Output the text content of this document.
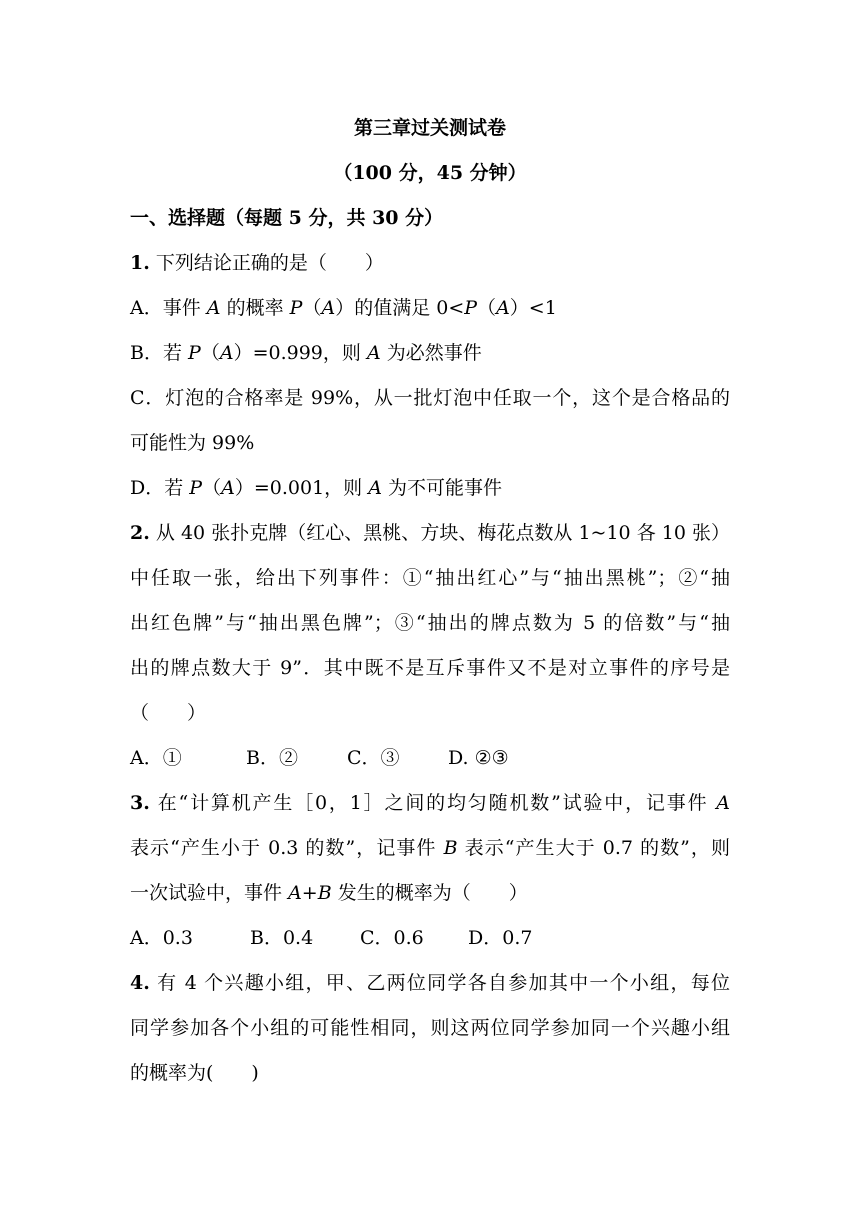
第三章过关测试卷
（100 分，45 分钟）
一、选择题（每题 5 分，共 30 分）
1. 下列结论正确的是（　　）
A．事件 A 的概率 P（A）的值满足 0<P（A）<1
B．若 P（A）=0.999，则 A 为必然事件
C．灯泡的合格率是 99%，从一批灯泡中任取一个，这个是合格品的
可能性为 99%
D．若 P（A）=0.001，则 A 为不可能事件
2. 从 40 张扑克牌（红心、黑桃、方块、梅花点数从 1~10 各 10 张）
中任取一张，给出下列事件：①“抽出红心”与“抽出黑桃”；②“抽
出红色牌”与“抽出黑色牌”；③“抽出的牌点数为 5 的倍数”与“抽
出的牌点数大于 9”．其中既不是互斥事件又不是对立事件的序号是
（　　）
A．①	B．②	C．③	D. ②③
3. 在“计算机产生［0，1］之间的均匀随机数”试验中，记事件 A
表示“产生小于 0.3 的数”，记事件 B 表示“产生大于 0.7 的数”，则
一次试验中，事件 A+B 发生的概率为（　　）
A．0.3	B．0.4 C．0.6 D．0.7
4. 有 4 个兴趣小组，甲、乙两位同学各自参加其中一个小组，每位
同学参加各个小组的可能性相同，则这两位同学参加同一个兴趣小组
的概率为(　　)
